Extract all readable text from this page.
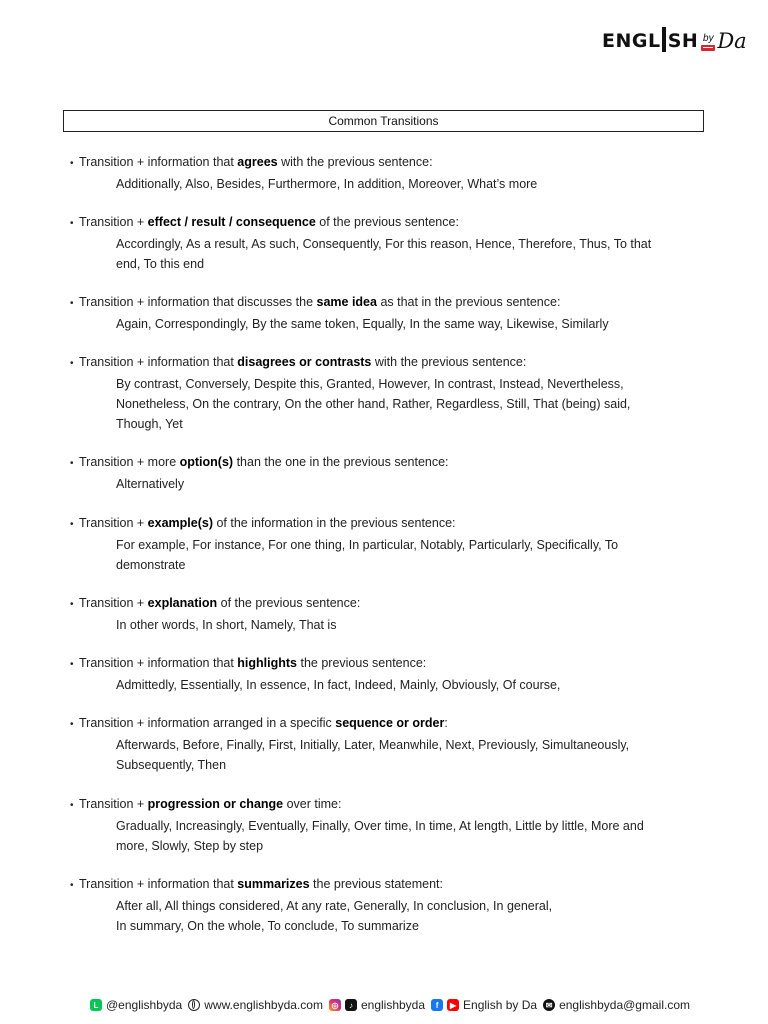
ENGL
SH by Da
Common Transitions
• Transition + information that agrees with the previous sentence:
Additionally, Also, Besides, Furthermore, In addition, Moreover, What’s more
• Transition + effect / result / consequence of the previous sentence:
Accordingly, As a result, As such, Consequently, For this reason, Hence, Therefore, Thus, To that
end, To this end
• Transition + information that discusses the same idea as that in the previous sentence:
Again, Correspondingly, By the same token, Equally, In the same way, Likewise, Similarly
• Transition + information that disagrees or contrasts with the previous sentence:
By contrast, Conversely, Despite this, Granted, However, In contrast, Instead, Nevertheless,
Nonetheless, On the contrary, On the other hand, Rather, Regardless, Still, That (being) said,
Though, Yet
• Transition + more option(s) than the one in the previous sentence:
Alternatively
• Transition + example(s) of the information in the previous sentence:
For example, For instance, For one thing, In particular, Notably, Particularly, Specifically, To
demonstrate
• Transition + explanation of the previous sentence:
In other words, In short, Namely, That is
• Transition + information that highlights the previous sentence:
Admittedly, Essentially, In essence, In fact, Indeed, Mainly, Obviously, Of course,
• Transition + information arranged in a specific sequence or order:
Afterwards, Before, Finally, First, Initially, Later, Meanwhile, Next, Previously, Simultaneously,
Subsequently, Then
• Transition + progression or change over time:
Gradually, Increasingly, Eventually, Finally, Over time, In time, At length, Little by little, More and
more, Slowly, Step by step
• Transition + information that summarizes the previous statement:
After all, All things considered, At any rate, Generally, In conclusion, In general,
In summary, On the whole, To conclude, To summarize
L @englishbyda www.englishbyda.com	◎	♪ englishbyda	f	▶ English by Da	✉ englishbyda@gmail.com
